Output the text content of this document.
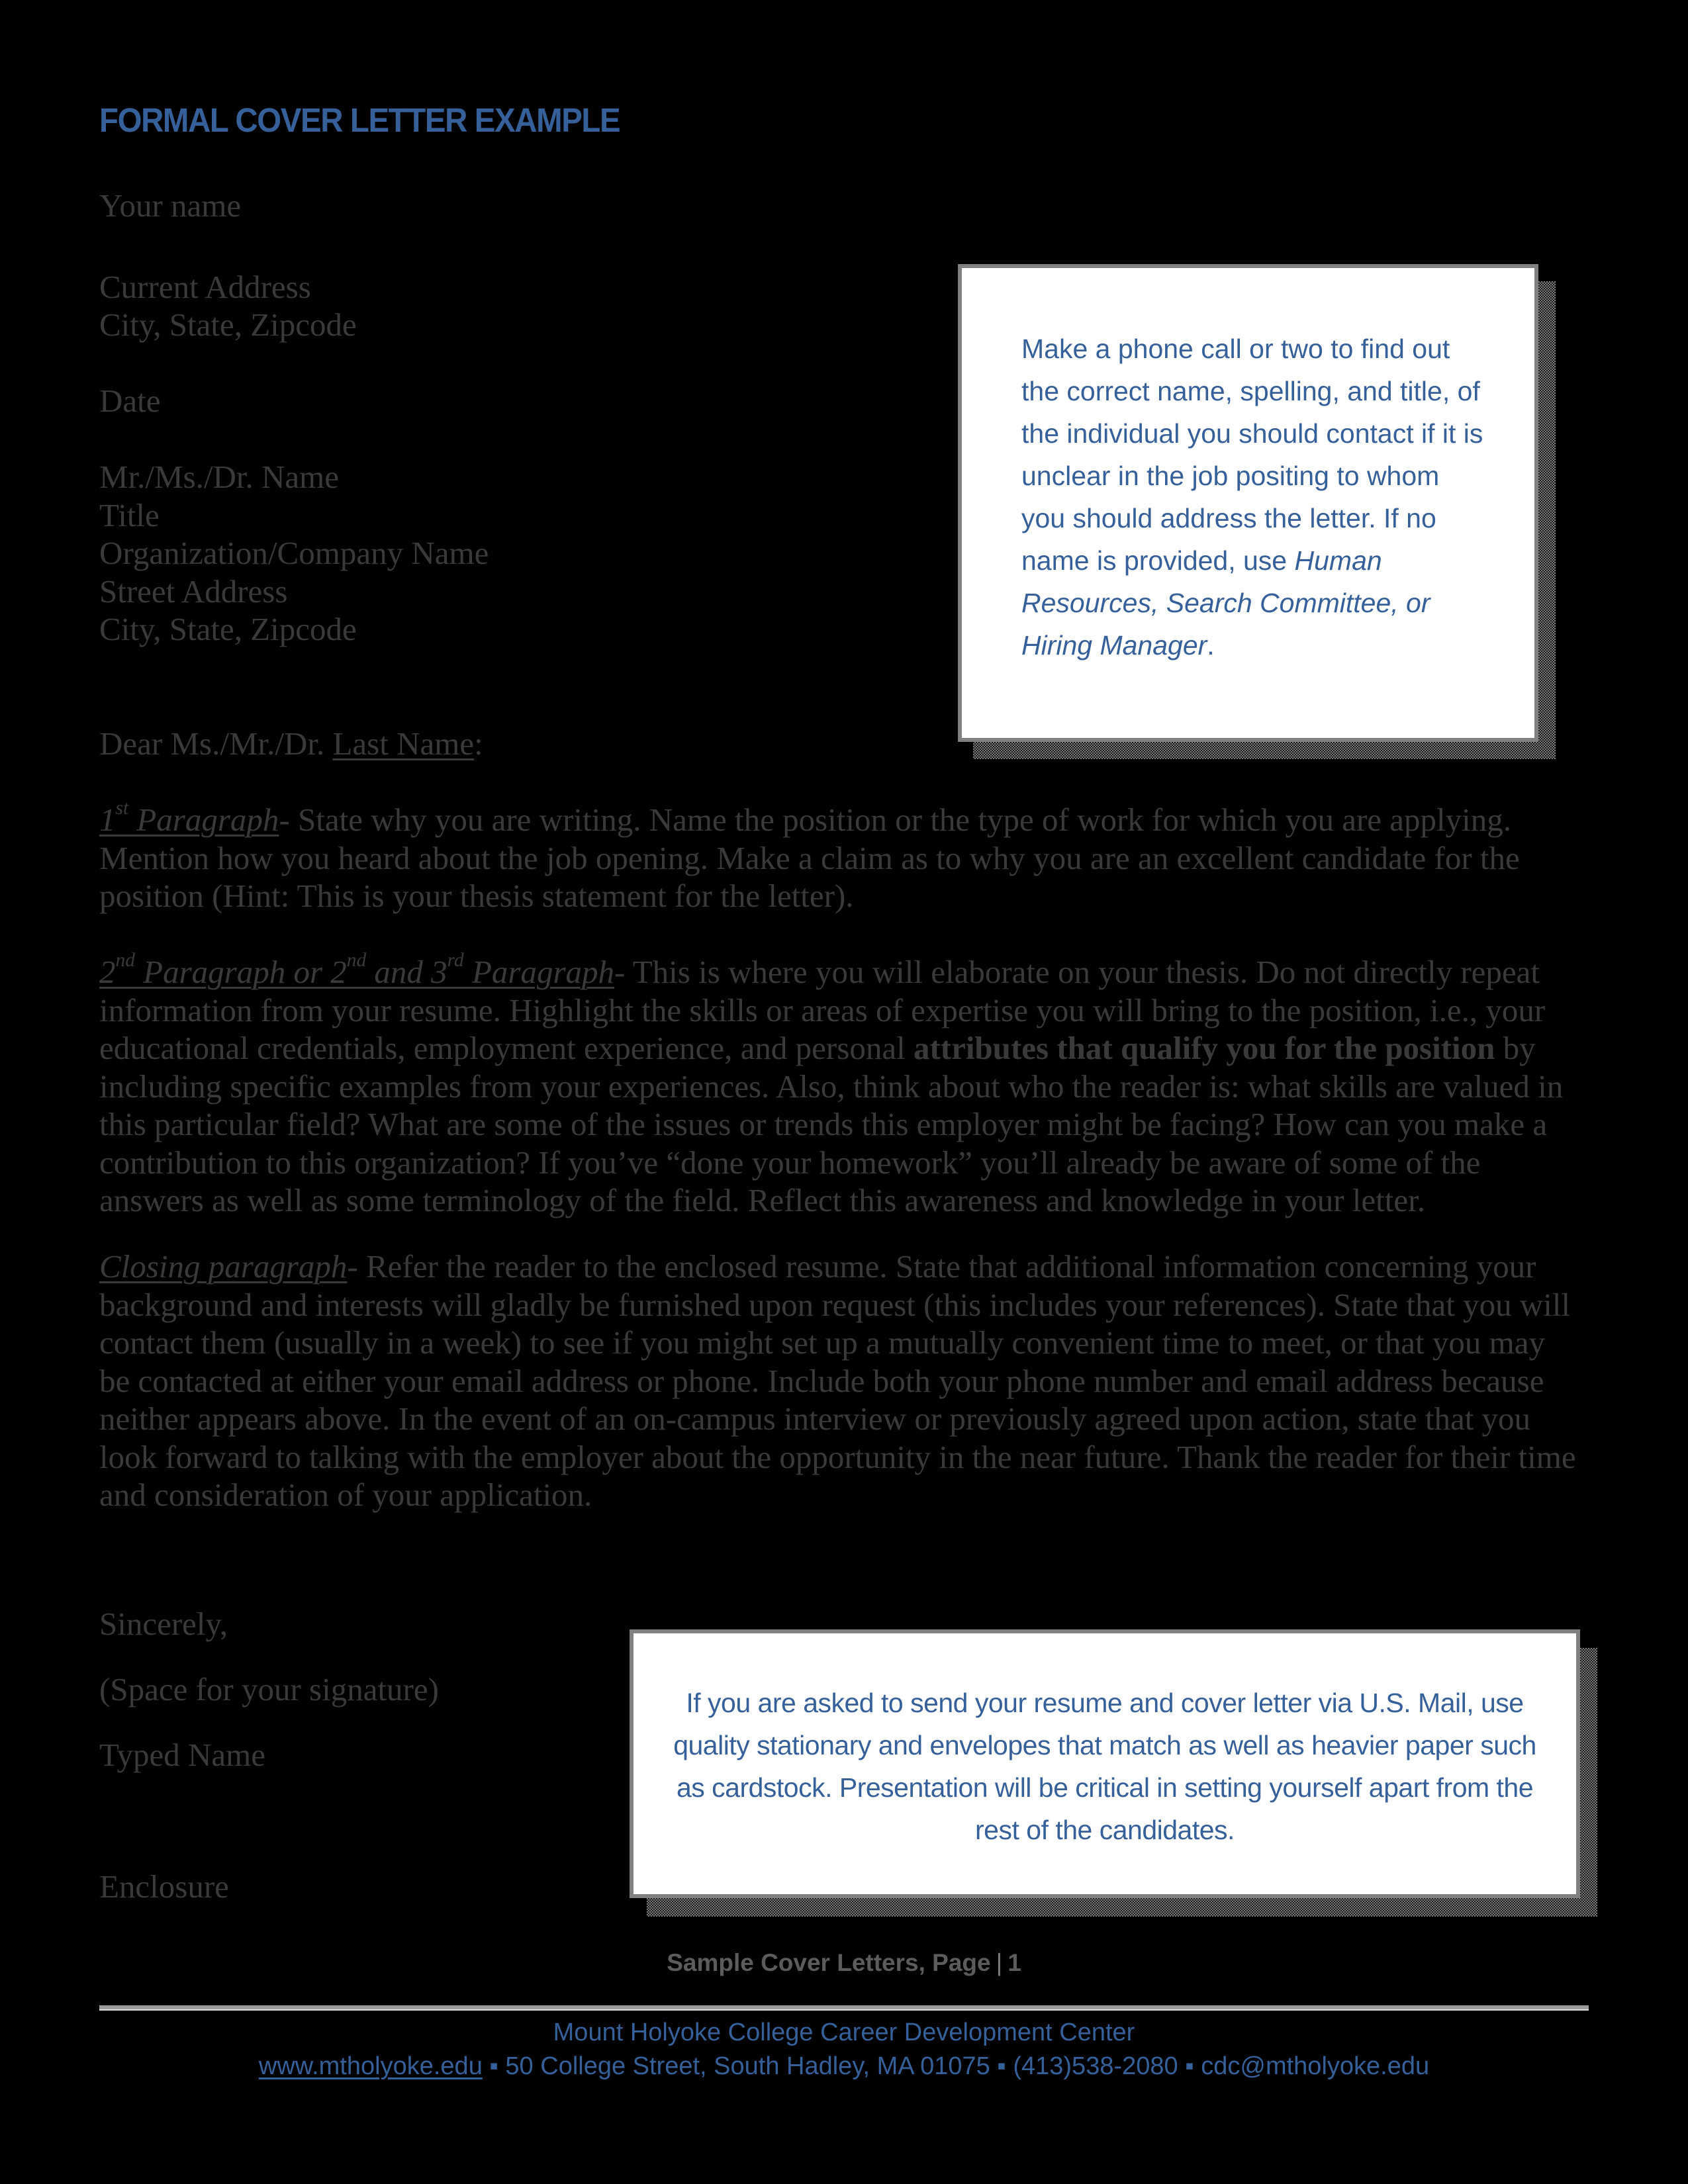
FORMAL COVER LETTER EXAMPLE
Your name
Current Address
City, State, Zipcode
Date
Mr./Ms./Dr. Name
Title
Organization/Company Name
Street Address
City, State, Zipcode
Dear Ms./Mr./Dr. Last Name:
1st Paragraph- State why you are writing. Name the position or the type of work for which you are applying. Mention how you heard about the job opening. Make a claim as to why you are an excellent candidate for the position (Hint: This is your thesis statement for the letter).
2nd Paragraph or 2nd and 3rd Paragraph- This is where you will elaborate on your thesis. Do not directly repeat information from your resume. Highlight the skills or areas of expertise you will bring to the position, i.e., your educational credentials, employment experience, and personal attributes that qualify you for the position by including specific examples from your experiences. Also, think about who the reader is: what skills are valued in this particular field? What are some of the issues or trends this employer might be facing? How can you make a contribution to this organization? If you’ve “done your homework” you’ll already be aware of some of the answers as well as some terminology of the field. Reflect this awareness and knowledge in your letter.
Closing paragraph- Refer the reader to the enclosed resume. State that additional information concerning your background and interests will gladly be furnished upon request (this includes your references). State that you will contact them (usually in a week) to see if you might set up a mutually convenient time to meet, or that you may be contacted at either your email address or phone. Include both your phone number and email address because neither appears above. In the event of an on-campus interview or previously agreed upon action, state that you look forward to talking with the employer about the opportunity in the near future. Thank the reader for their time and consideration of your application.
Sincerely,
(Space for your signature)
Typed Name
Enclosure
Make a phone call or two to find out the correct name, spelling, and title, of the individual you should contact if it is unclear in the job positing to whom you should address the letter. If no name is provided, use Human Resources, Search Committee, or Hiring Manager.
If you are asked to send your resume and cover letter via U.S. Mail, use quality stationary and envelopes that match as well as heavier paper such as cardstock. Presentation will be critical in setting yourself apart from the rest of the candidates.
Sample Cover Letters, Page | 1
Mount Holyoke College Career Development Center
www.mtholyoke.edu ▪ 50 College Street, South Hadley, MA 01075 ▪ (413)538-2080 ▪ cdc@mtholyoke.edu
